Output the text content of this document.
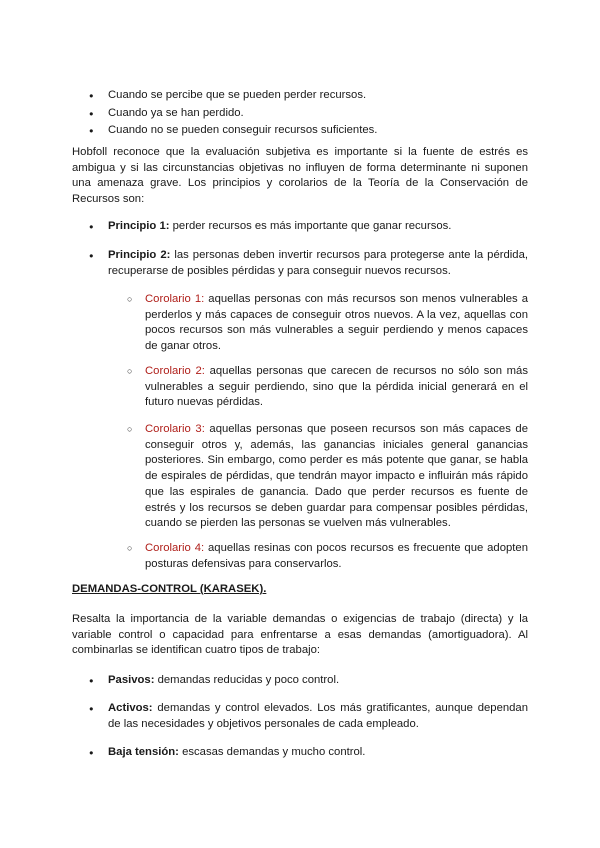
● Cuando se percibe que se pueden perder recursos.
● Cuando ya se han perdido.
● Cuando no se pueden conseguir recursos suficientes.

Hobfoll reconoce que la evaluación subjetiva es importante si la fuente de estrés es ambigua y si las circunstancias objetivas no influyen de forma determinante ni suponen una amenaza grave. Los principios y corolarios de la Teoría de la Conservación de Recursos son:

● Principio 1: perder recursos es más importante que ganar recursos.
● Principio 2: las personas deben invertir recursos para protegerse ante la pérdida, recuperarse de posibles pérdidas y para conseguir nuevos recursos.
○ Corolario 1: aquellas personas con más recursos son menos vulnerables a perderlos y más capaces de conseguir otros nuevos. A la vez, aquellas con pocos recursos son más vulnerables a seguir perdiendo y menos capaces de ganar otros.
○ Corolario 2: aquellas personas que carecen de recursos no sólo son más vulnerables a seguir perdiendo, sino que la pérdida inicial generará en el futuro nuevas pérdidas.
○ Corolario 3: aquellas personas que poseen recursos son más capaces de conseguir otros y, además, las ganancias iniciales general ganancias posteriores. Sin embargo, como perder es más potente que ganar, se habla de espirales de pérdidas, que tendrán mayor impacto e influirán más rápido que las espirales de ganancia. Dado que perder recursos es fuente de estrés y los recursos se deben guardar para compensar posibles pérdidas, cuando se pierden las personas se vuelven más vulnerables.
○ Corolario 4: aquellas resinas con pocos recursos es frecuente que adopten posturas defensivas para conservarlos.
DEMANDAS-CONTROL (KARASEK).

Resalta la importancia de la variable demandas o exigencias de trabajo (directa) y la variable control o capacidad para enfrentarse a esas demandas (amortiguadora). Al combinarlas se identifican cuatro tipos de trabajo:

● Pasivos: demandas reducidas y poco control.
● Activos: demandas y control elevados. Los más gratificantes, aunque dependan de las necesidades y objetivos personales de cada empleado.
● Baja tensión: escasas demandas y mucho control.
